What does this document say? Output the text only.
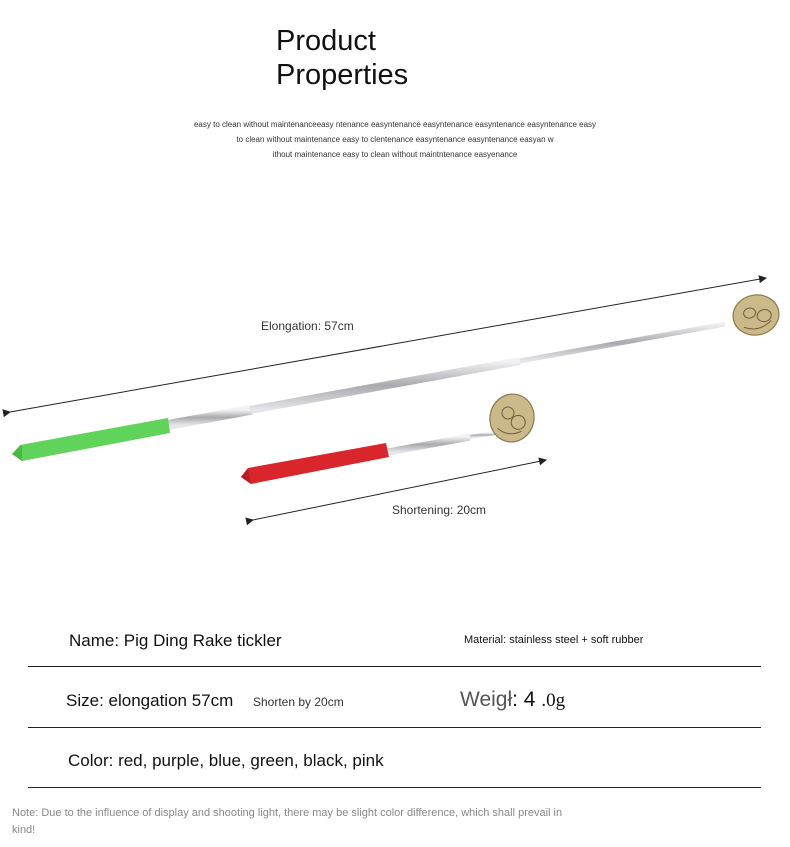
Product
Properties
easy to clean without maintenanceeasy ntenance easyntenance easyntenance easyntenance easyntenance easy
to clean without maintenance easy to clentenance easyntenance easyntenance easyan w
ithout maintenance easy to clean without maintntenance easyenance
Elongation: 57cm
Shortening: 20cm
Name: Pig Ding Rake tickler	Material: stainless steel + soft rubber
Size: elongation 57cm Shorten by 20cm	Weigł: 4 .0g
Color: red, purple, blue, green, black, pink
Note: Due to the influence of display and shooting light, there may be slight color difference, which shall prevail in kind!
